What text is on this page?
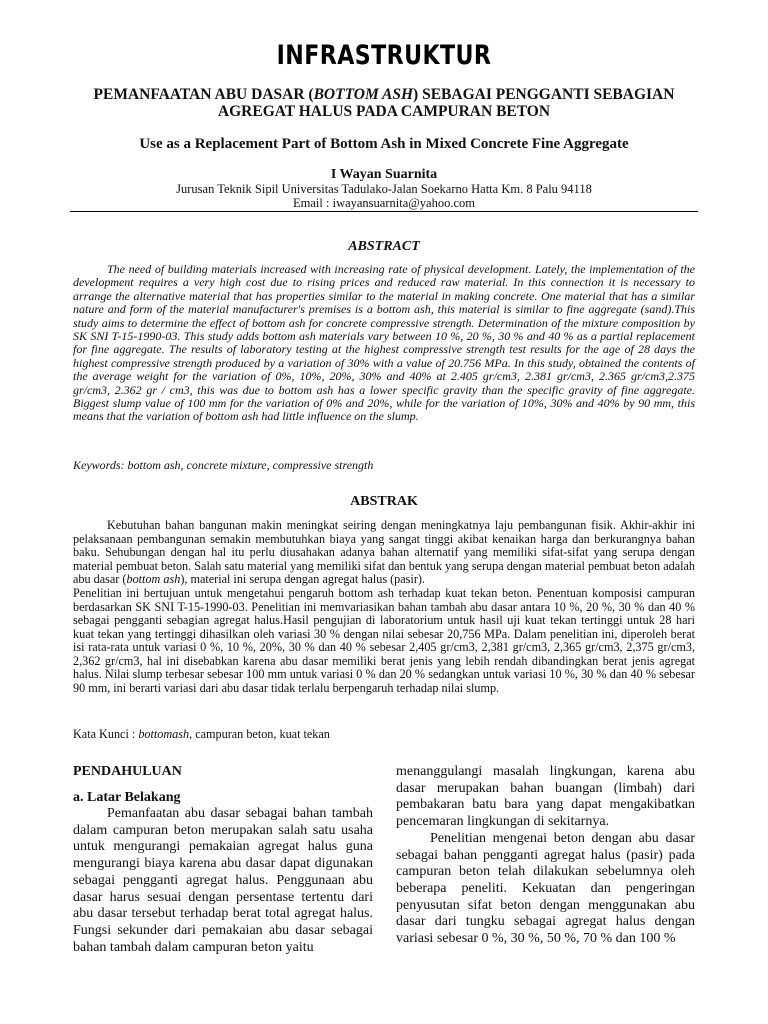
INFRASTRUKTUR
PEMANFAATAN ABU DASAR (BOTTOM ASH) SEBAGAI PENGGANTI SEBAGIAN AGREGAT HALUS PADA CAMPURAN BETON
Use as a Replacement Part of Bottom Ash in Mixed Concrete Fine Aggregate
I Wayan Suarnita
Jurusan Teknik Sipil Universitas Tadulako-Jalan Soekarno Hatta Km. 8 Palu 94118
Email : iwayansuarnita@yahoo.com
ABSTRACT

The need of building materials increased with increasing rate of physical development. Lately, the implementation of the development requires a very high cost due to rising prices and reduced raw material. In this connection it is necessary to arrange the alternative material that has properties similar to the material in making concrete. One material that has a similar nature and form of the material manufacturer's premises is a bottom ash, this material is similar to fine aggregate (sand).This study aims to determine the effect of bottom ash for concrete compressive strength. Determination of the mixture composition by SK SNI T-15-1990-03. This study adds bottom ash materials vary between 10 %, 20 %, 30 % and 40 % as a partial replacement for fine aggregate. The results of laboratory testing at the highest compressive strength test results for the age of 28 days the highest compressive strength produced by a variation of 30% with a value of 20.756 MPa. In this study, obtained the contents of the average weight for the variation of 0%, 10%, 20%, 30% and 40% at 2.405 gr/cm3, 2.381 gr/cm3, 2.365 gr/cm3,2.375 gr/cm3, 2.362 gr / cm3, this was due to bottom ash has a lower specific gravity than the specific gravity of fine aggregate. Biggest slump value of 100 mm for the variation of 0% and 20%, while for the variation of 10%, 30% and 40% by 90 mm, this means that the variation of bottom ash had little influence on the slump.

Keywords: bottom ash, concrete mixture, compressive strength
ABSTRAK

Kebutuhan bahan bangunan makin meningkat seiring dengan meningkatnya laju pembangunan fisik. Akhir-akhir ini pelaksanaan pembangunan semakin membutuhkan biaya yang sangat tinggi akibat kenaikan harga dan berkurangnya bahan baku. Sehubungan dengan hal itu perlu diusahakan adanya bahan alternatif yang memiliki sifat-sifat yang serupa dengan material pembuat beton. Salah satu material yang memiliki sifat dan bentuk yang serupa dengan material pembuat beton adalah abu dasar (bottom ash), material ini serupa dengan agregat halus (pasir).

Penelitian ini bertujuan untuk mengetahui pengaruh bottom ash terhadap kuat tekan beton. Penentuan komposisi campuran berdasarkan SK SNI T-15-1990-03. Penelitian ini memvariasikan bahan tambah abu dasar antara 10 %, 20 %, 30 % dan 40 % sebagai pengganti sebagian agregat halus.Hasil pengujian di laboratorium untuk hasil uji kuat tekan tertinggi untuk 28 hari kuat tekan yang tertinggi dihasilkan oleh variasi 30 % dengan nilai sebesar 20,756 MPa. Dalam penelitian ini, diperoleh berat isi rata-rata untuk variasi 0 %, 10 %, 20%, 30 % dan 40 % sebesar 2,405 gr/cm3, 2,381 gr/cm3, 2,365 gr/cm3, 2,375 gr/cm3, 2,362 gr/cm3, hal ini disebabkan karena abu dasar memiliki berat jenis yang lebih rendah dibandingkan berat jenis agregat halus. Nilai slump terbesar sebesar 100 mm untuk variasi 0 % dan 20 % sedangkan untuk variasi 10 %, 30 % dan 40 % sebesar 90 mm, ini berarti variasi dari abu dasar tidak terlalu berpengaruh terhadap nilai slump.

Kata Kunci : bottomash, campuran beton, kuat tekan
PENDAHULUAN
a. Latar Belakang

Pemanfaatan abu dasar sebagai bahan tambah dalam campuran beton merupakan salah satu usaha untuk mengurangi pemakaian agregat halus guna mengurangi biaya karena abu dasar dapat digunakan sebagai pengganti agregat halus. Penggunaan abu dasar harus sesuai dengan persentase tertentu dari abu dasar tersebut terhadap berat total agregat halus. Fungsi sekunder dari pemakaian abu dasar sebagai bahan tambah dalam campuran beton yaitu

menanggulangi masalah lingkungan, karena abu dasar merupakan bahan buangan (limbah) dari pembakaran batu bara yang dapat mengakibatkan pencemaran lingkungan di sekitarnya.

Penelitian mengenai beton dengan abu dasar sebagai bahan pengganti agregat halus (pasir) pada campuran beton telah dilakukan sebelumnya oleh beberapa peneliti. Kekuatan dan pengeringan penyusutan sifat beton dengan menggunakan abu dasar dari tungku sebagai agregat halus dengan variasi sebesar 0 %, 30 %, 50 %, 70 % dan 100 %
